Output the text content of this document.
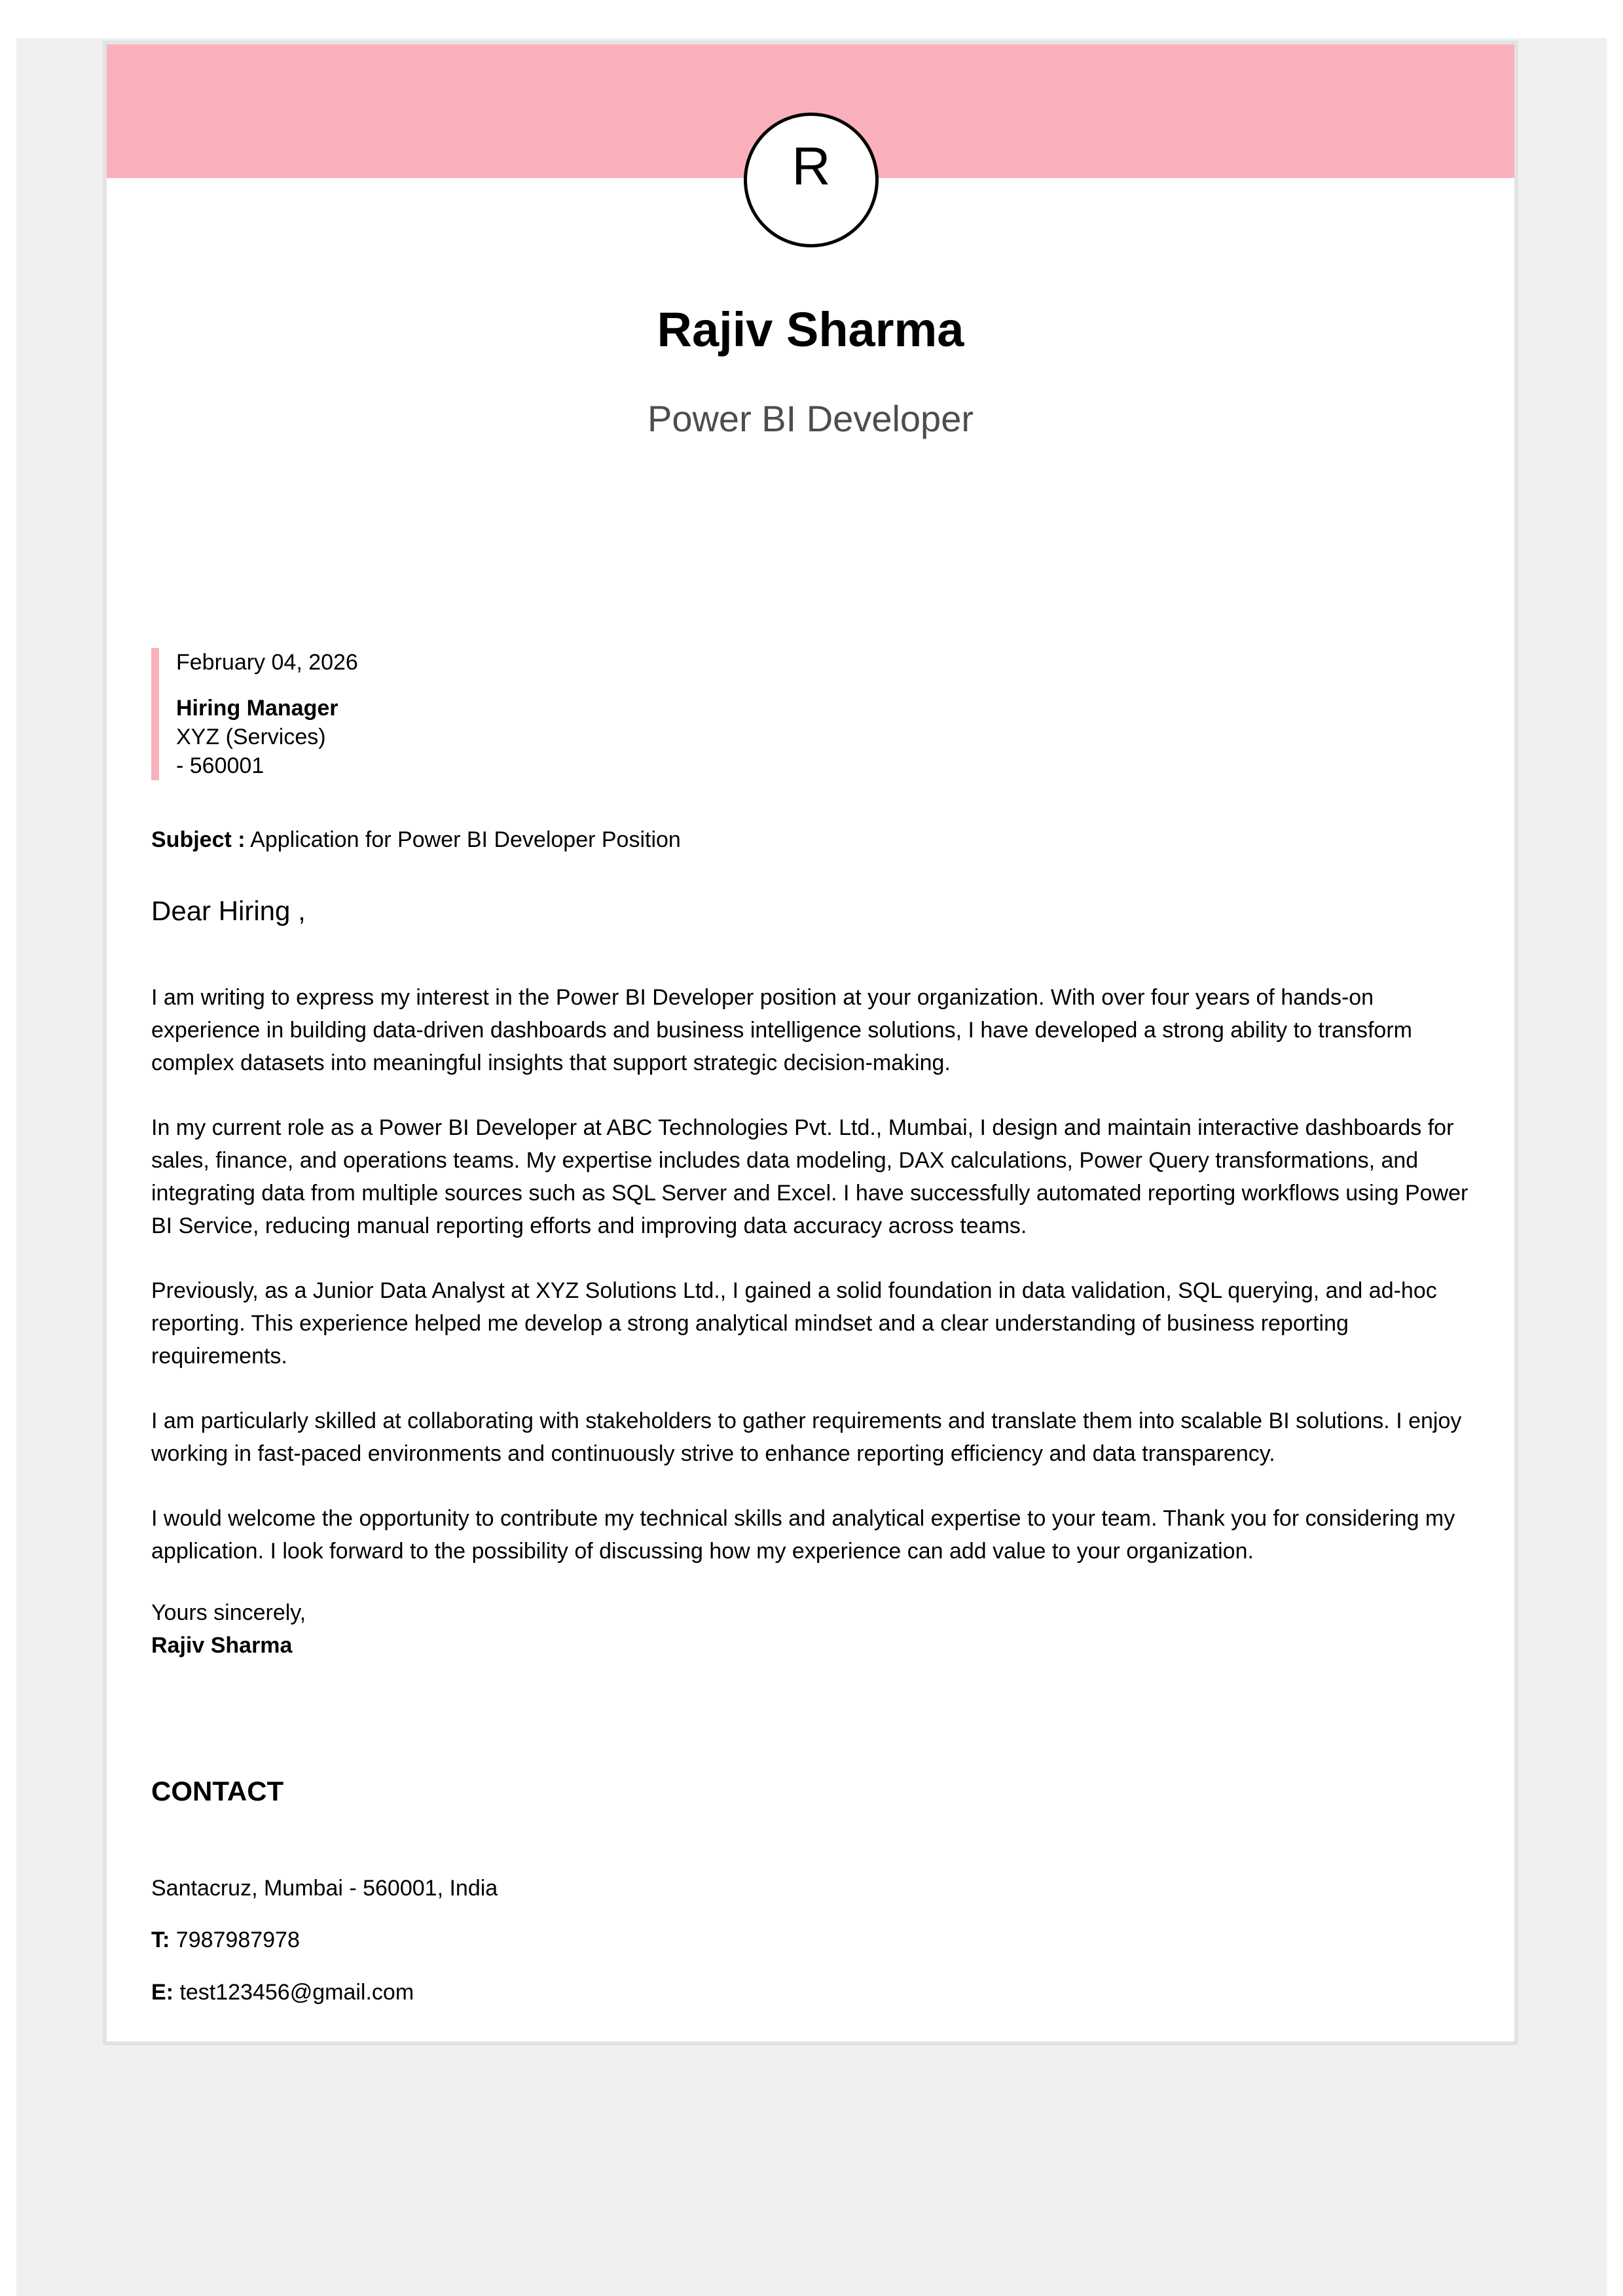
R
Rajiv Sharma
Power BI Developer
February 04, 2026
Hiring Manager
XYZ (Services)
- 560001
Subject : Application for Power BI Developer Position
Dear Hiring ,

I am writing to express my interest in the Power BI Developer position at your organization. With over four years of hands-on experience in building data-driven dashboards and business intelligence solutions, I have developed a strong ability to transform complex datasets into meaningful insights that support strategic decision-making.

In my current role as a Power BI Developer at ABC Technologies Pvt. Ltd., Mumbai, I design and maintain interactive dashboards for sales, finance, and operations teams. My expertise includes data modeling, DAX calculations, Power Query transformations, and integrating data from multiple sources such as SQL Server and Excel. I have successfully automated reporting workflows using Power BI Service, reducing manual reporting efforts and improving data accuracy across teams.

Previously, as a Junior Data Analyst at XYZ Solutions Ltd., I gained a solid foundation in data validation, SQL querying, and ad-hoc reporting. This experience helped me develop a strong analytical mindset and a clear understanding of business reporting requirements.

I am particularly skilled at collaborating with stakeholders to gather requirements and translate them into scalable BI solutions. I enjoy working in fast-paced environments and continuously strive to enhance reporting efficiency and data transparency.

I would welcome the opportunity to contribute my technical skills and analytical expertise to your team. Thank you for considering my application. I look forward to the possibility of discussing how my experience can add value to your organization.

Yours sincerely,
Rajiv Sharma
CONTACT
Santacruz, Mumbai - 560001, India
T: 7987987978
E: test123456@gmail.com
